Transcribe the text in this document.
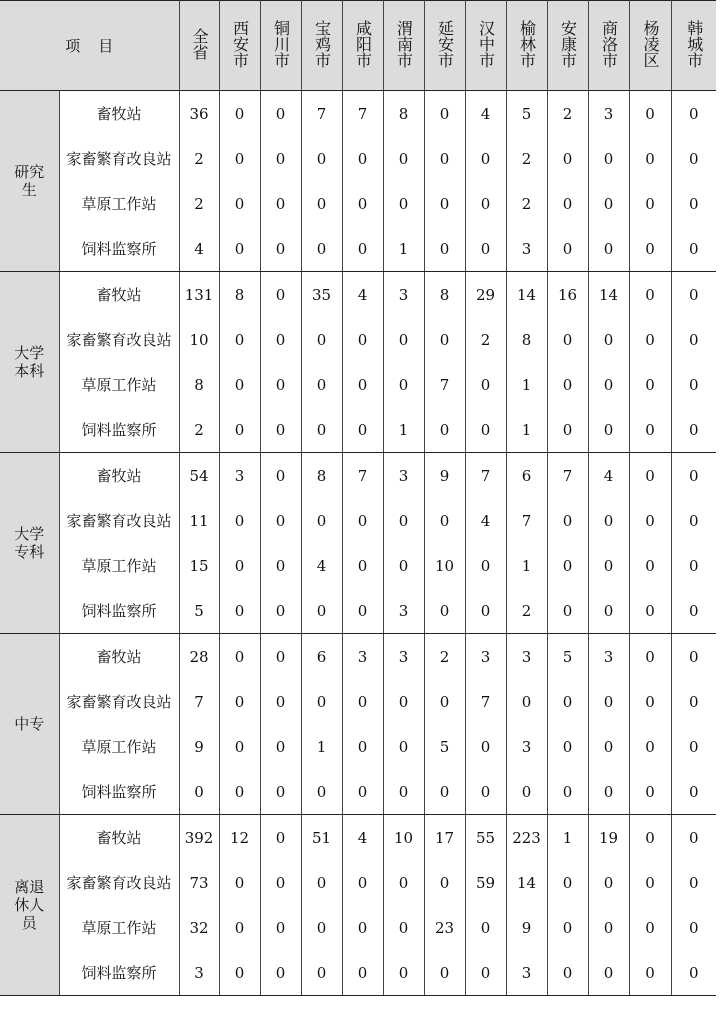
项目		全省	西安市	铜川市	宝鸡市	咸阳市	渭南市	延安市	汉中市	榆林市	安康市	商洛市	杨凌区	韩城市
研究生	畜牧站	36	0	0	7	7	8	0	4	5	2	3	0	0
	家畜繁育改良站	2	0	0	0	0	0	0	0	2	0	0	0	0
	草原工作站	2	0	0	0	0	0	0	0	2	0	0	0	0
	饲料监察所	4	0	0	0	0	1	0	0	3	0	0	0	0
大学本科	畜牧站	131	8	0	35	4	3	8	29	14	16	14	0	0
	家畜繁育改良站	10	0	0	0	0	0	0	2	8	0	0	0	0
	草原工作站	8	0	0	0	0	0	7	0	1	0	0	0	0
	饲料监察所	2	0	0	0	0	1	0	0	1	0	0	0	0
大学专科	畜牧站	54	3	0	8	7	3	9	7	6	7	4	0	0
	家畜繁育改良站	11	0	0	0	0	0	0	4	7	0	0	0	0
	草原工作站	15	0	0	4	0	0	10	0	1	0	0	0	0
	饲料监察所	5	0	0	0	0	3	0	0	2	0	0	0	0
中专	畜牧站	28	0	0	6	3	3	2	3	3	5	3	0	0
	家畜繁育改良站	7	0	0	0	0	0	0	7	0	0	0	0	0
	草原工作站	9	0	0	1	0	0	5	0	3	0	0	0	0
	饲料监察所	0	0	0	0	0	0	0	0	0	0	0	0	0
离退休人员	畜牧站	392	12	0	51	4	10	17	55	223	1	19	0	0
	家畜繁育改良站	73	0	0	0	0	0	0	59	14	0	0	0	0
	草原工作站	32	0	0	0	0	0	23	0	9	0	0	0	0
	饲料监察所	3	0	0	0	0	0	0	0	3	0	0	0	0
